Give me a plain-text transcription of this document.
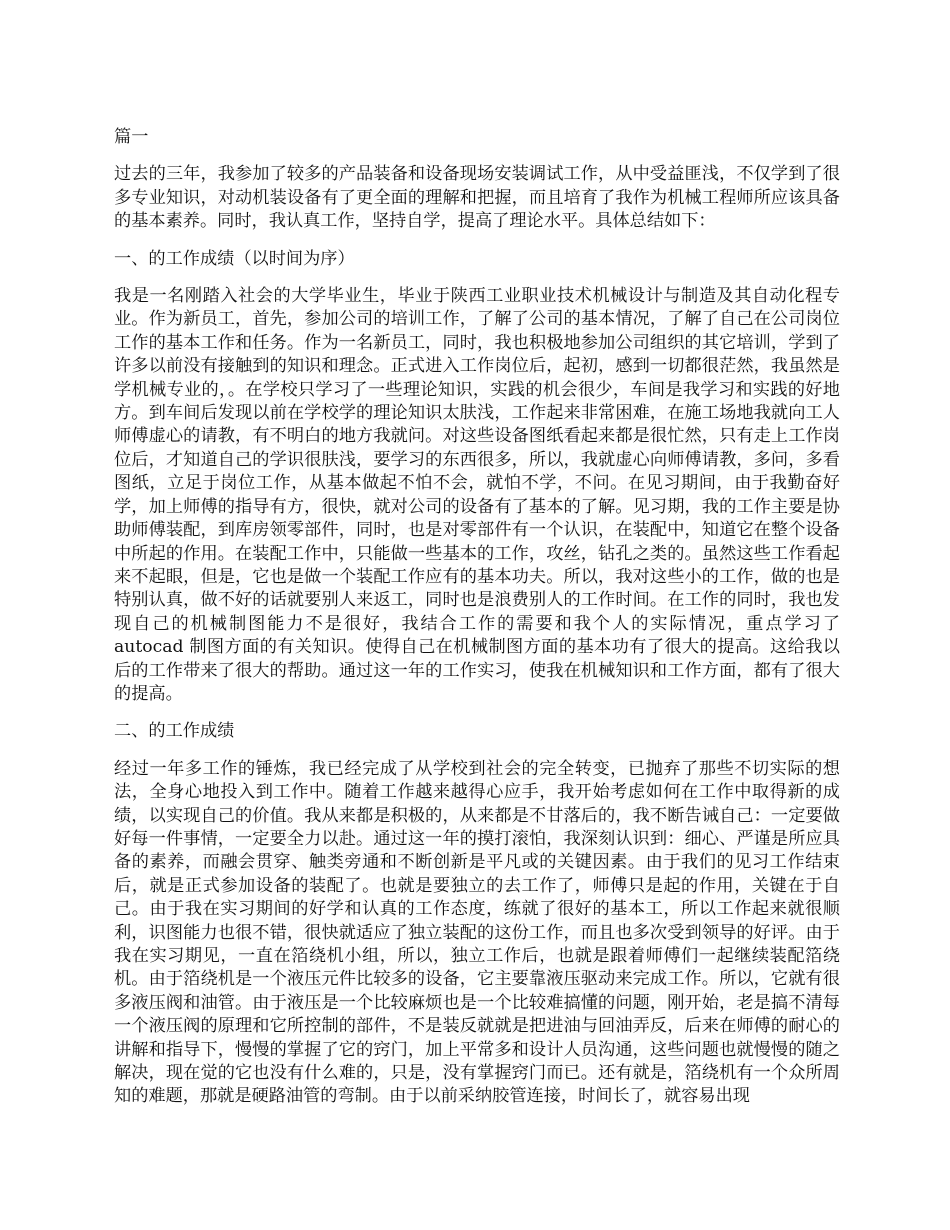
篇一
过去的三年，我参加了较多的产品装备和设备现场安装调试工作，从中受益匪浅，不仅学到了很多专业知识，对动机装设备有了更全面的理解和把握，而且培育了我作为机械工程师所应该具备的基本素养。同时，我认真工作，坚持自学，提高了理论水平。具体总结如下：
一、的工作成绩（以时间为序）
我是一名刚踏入社会的大学毕业生，毕业于陕西工业职业技术机械设计与制造及其自动化程专业。作为新员工，首先，参加公司的培训工作，了解了公司的基本情况，了解了自己在公司岗位工作的基本工作和任务。作为一名新员工，同时，我也积极地参加公司组织的其它培训，学到了许多以前没有接触到的知识和理念。正式进入工作岗位后，起初，感到一切都很茫然，我虽然是学机械专业的，。在学校只学习了一些理论知识，实践的机会很少，车间是我学习和实践的好地方。到车间后发现以前在学校学的理论知识太肤浅，工作起来非常困难，在施工场地我就向工人师傅虚心的请教，有不明白的地方我就问。对这些设备图纸看起来都是很忙然，只有走上工作岗位后，才知道自己的学识很肤浅，要学习的东西很多，所以，我就虚心向师傅请教，多问，多看图纸，立足于岗位工作，从基本做起不怕不会，就怕不学，不问。在见习期间，由于我勤奋好学，加上师傅的指导有方，很快，就对公司的设备有了基本的了解。见习期，我的工作主要是协助师傅装配，到库房领零部件，同时，也是对零部件有一个认识，在装配中，知道它在整个设备中所起的作用。在装配工作中，只能做一些基本的工作，攻丝，钻孔之类的。虽然这些工作看起来不起眼，但是，它也是做一个装配工作应有的基本功夫。所以，我对这些小的工作，做的也是特别认真，做不好的话就要别人来返工，同时也是浪费别人的工作时间。在工作的同时，我也发现自己的机械制图能力不是很好，我结合工作的需要和我个人的实际情况，重点学习了 autocad 制图方面的有关知识。使得自己在机械制图方面的基本功有了很大的提高。这给我以后的工作带来了很大的帮助。通过这一年的工作实习，使我在机械知识和工作方面，都有了很大的提高。
二、的工作成绩
经过一年多工作的锤炼，我已经完成了从学校到社会的完全转变，已抛弃了那些不切实际的想法，全身心地投入到工作中。随着工作越来越得心应手，我开始考虑如何在工作中取得新的成绩，以实现自己的价值。我从来都是积极的，从来都是不甘落后的，我不断告诫自己：一定要做好每一件事情，一定要全力以赴。通过这一年的摸打滚怕，我深刻认识到：细心、严谨是所应具备的素养，而融会贯穿、触类旁通和不断创新是平凡或的关键因素。由于我们的见习工作结束后，就是正式参加设备的装配了。也就是要独立的去工作了，师傅只是起的作用，关键在于自己。由于我在实习期间的好学和认真的工作态度，练就了很好的基本工，所以工作起来就很顺利，识图能力也很不错，很快就适应了独立装配的这份工作，而且也多次受到领导的好评。由于我在实习期见，一直在箔绕机小组，所以，独立工作后，也就是跟着师傅们一起继续装配箔绕机。由于箔绕机是一个液压元件比较多的设备，它主要靠液压驱动来完成工作。所以，它就有很多液压阀和油管。由于液压是一个比较麻烦也是一个比较难搞懂的问题，刚开始，老是搞不清每一个液压阀的原理和它所控制的部件，不是装反就就是把进油与回油弄反，后来在师傅的耐心的讲解和指导下，慢慢的掌握了它的窍门，加上平常多和设计人员沟通，这些问题也就慢慢的随之解决，现在觉的它也没有什么难的，只是，没有掌握窍门而已。还有就是，箔绕机有一个众所周知的难题，那就是硬路油管的弯制。由于以前采纳胶管连接，时间长了，就容易出现
